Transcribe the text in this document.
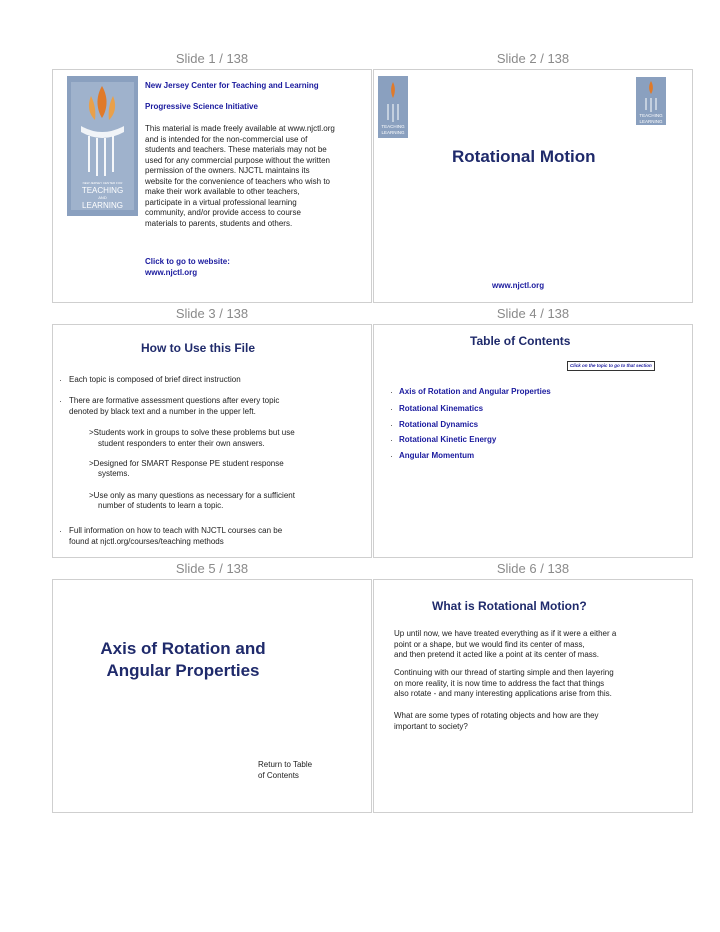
Slide 1 / 138	Slide 2 / 138
Slide 3 / 138	Slide 4 / 138
Slide 5 / 138	Slide 6 / 138
NEW JERSEY CENTER FOR
TEACHING
AND
LEARNING
New Jersey Center for Teaching and Learning
Progressive Science Initiative
This material is made freely available at www.njctl.org
and is intended for the non-commercial use of
students and teachers. These materials may not be
used for any commercial purpose without the written
permission of the owners. NJCTL maintains its
website for the convenience of teachers who wish to
make their work available to other teachers,
participate in a virtual professional learning
community, and/or provide access to course
materials to parents, students and others.
Click to go to website:
www.njctl.org
TEACHING
LEARNING
TEACHING
LEARNING
Rotational Motion
www.njctl.org
How to Use this File
· Each topic is composed of brief direct instruction
· There are formative assessment questions after every topic
denoted by black text and a number in the upper left.
>Students work in groups to solve these problems but use
student responders to enter their own answers.
>Designed for SMART Response PE student response
systems.
>Use only as many questions as necessary for a sufficient
number of students to learn a topic.
· Full information on how to teach with NJCTL courses can be
found at njctl.org/courses/teaching methods
Table of Contents
Click on the topic to go to that section
· Axis of Rotation and Angular Properties
· Rotational Kinematics
· Rotational Dynamics
· Rotational Kinetic Energy
· Angular Momentum
Axis of Rotation and
Angular Properties
Return to Table
of Contents
What is Rotational Motion?
Up until now, we have treated everything as if it were a either a
point or a shape, but we would find its center of mass,
and then pretend it acted like a point at its center of mass.
Continuing with our thread of starting simple and then layering
on more reality, it is now time to address the fact that things
also rotate - and many interesting applications arise from this.
What are some types of rotating objects and how are they
important to society?
